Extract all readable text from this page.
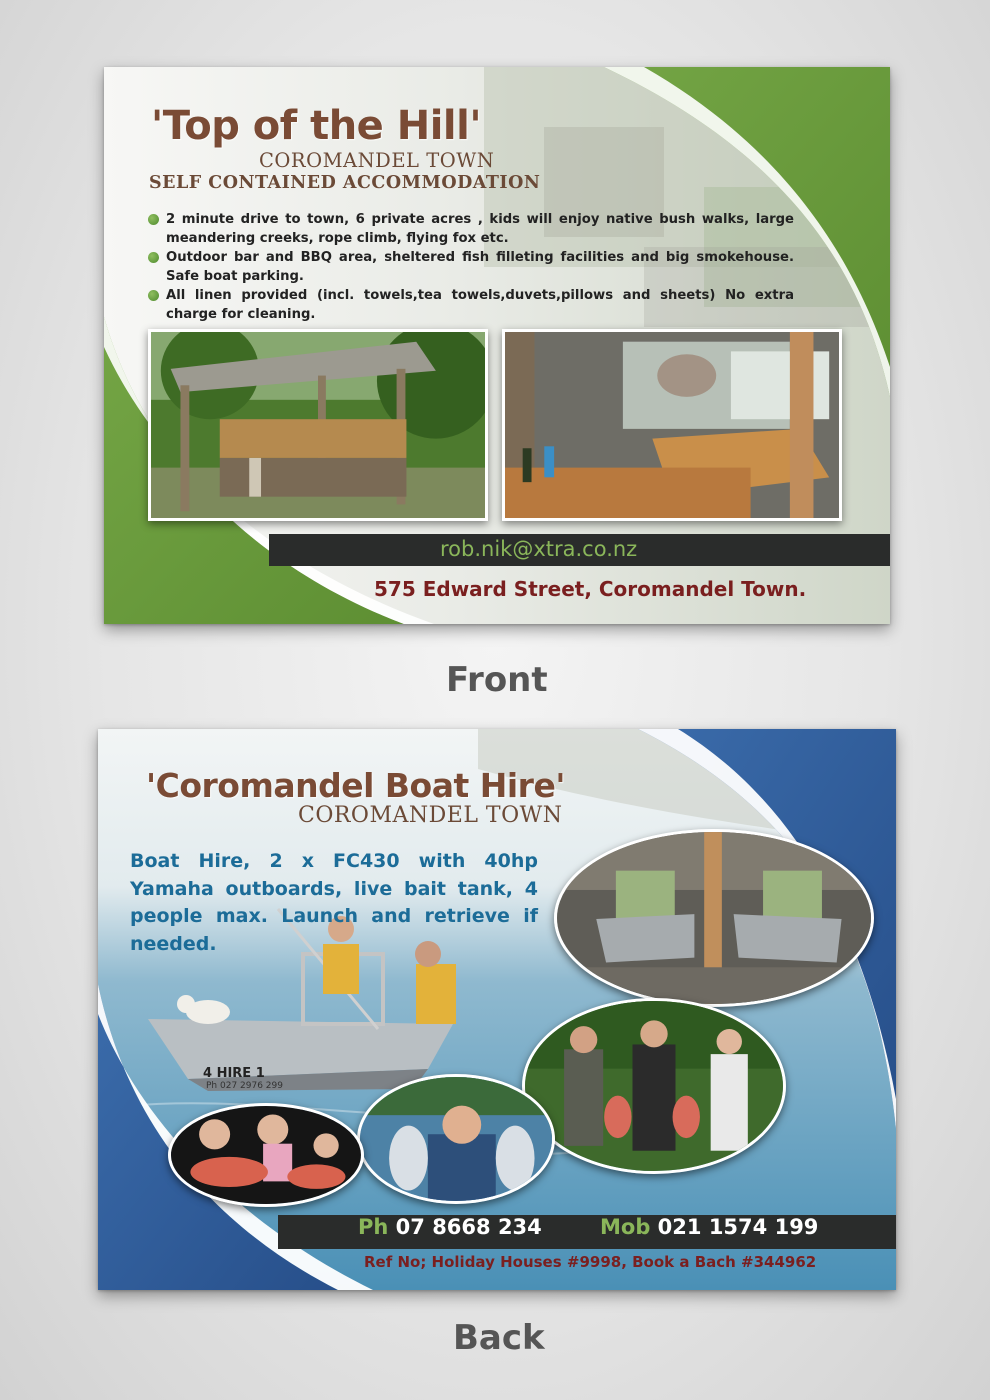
'Top of the Hill'
COROMANDEL TOWN
SELF CONTAINED ACCOMMODATION
2 minute drive to town, 6 private acres , kids will enjoy native bush walks, large meandering creeks, rope climb, flying fox etc.
Outdoor bar and BBQ area, sheltered fish filleting facilities and big smokehouse. Safe boat parking.
All linen provided (incl. towels,tea towels,duvets,pillows and sheets) No extra charge for cleaning.
rob.nik@xtra.co.nz
575 Edward Street, Coromandel Town.
Front
'Coromandel Boat Hire'
COROMANDEL TOWN
Boat Hire, 2 x FC430 with 40hp Yamaha outboards, live bait tank, 4 people max. Launch and retrieve if needed.
4 HIRE 1
Ph 027 2976 299
Ph 07 8668 234	Mob 021 1574 199
Ref No; Holiday Houses #9998, Book a Bach #344962
Back
